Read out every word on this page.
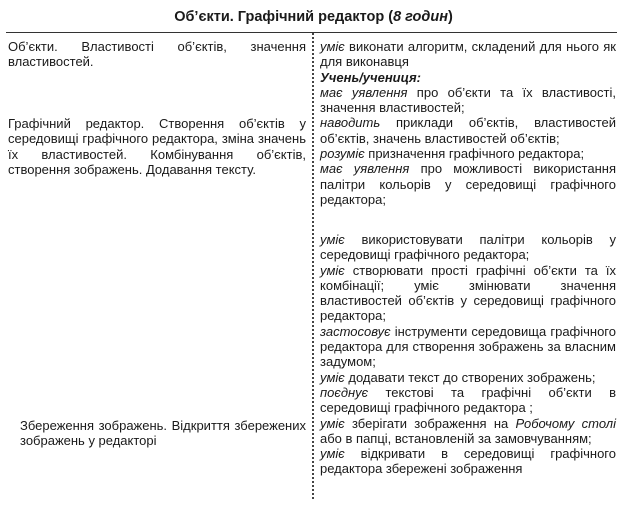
Об’єкти. Графічний редактор (8 годин)

Об’єкти. Властивості об’єктів, значення властивостей.

Графічний редактор. Створення об’єктів у середовищі графічного редактора, зміна значень їх властивостей. Комбінування об’єктів, створення зображень. Додавання тексту.

Збереження зображень. Відкриття збережених зображень у редакторі

уміє виконати алгоритм, складений для нього як для виконавця

Учень/учениця:

має уявлення про об’єкти та їх властивості, значення властивостей;

наводить приклади об’єктів, властивостей об’єктів, значень властивостей об’єктів;

розуміє призначення графічного редактора;

має уявлення про можливості використання палітри кольорів у середовищі графічного редактора;

уміє використовувати палітри кольорів у середовищі графічного редактора;

уміє створювати прості графічні об’єкти та їх комбінації; уміє змінювати значення властивостей об’єктів у середовищі графічного редактора;

застосовує інструменти середовища графічного редактора для створення зображень за власним задумом;

уміє додавати текст до створених зображень;

поєднує текстові та графічні об’єкти в середовищі графічного редактора ;

уміє зберігати зображення на Робочому столі або в папці, встановленій за замовчуванням;

уміє відкривати в середовищі графічного редактора збережені зображення
